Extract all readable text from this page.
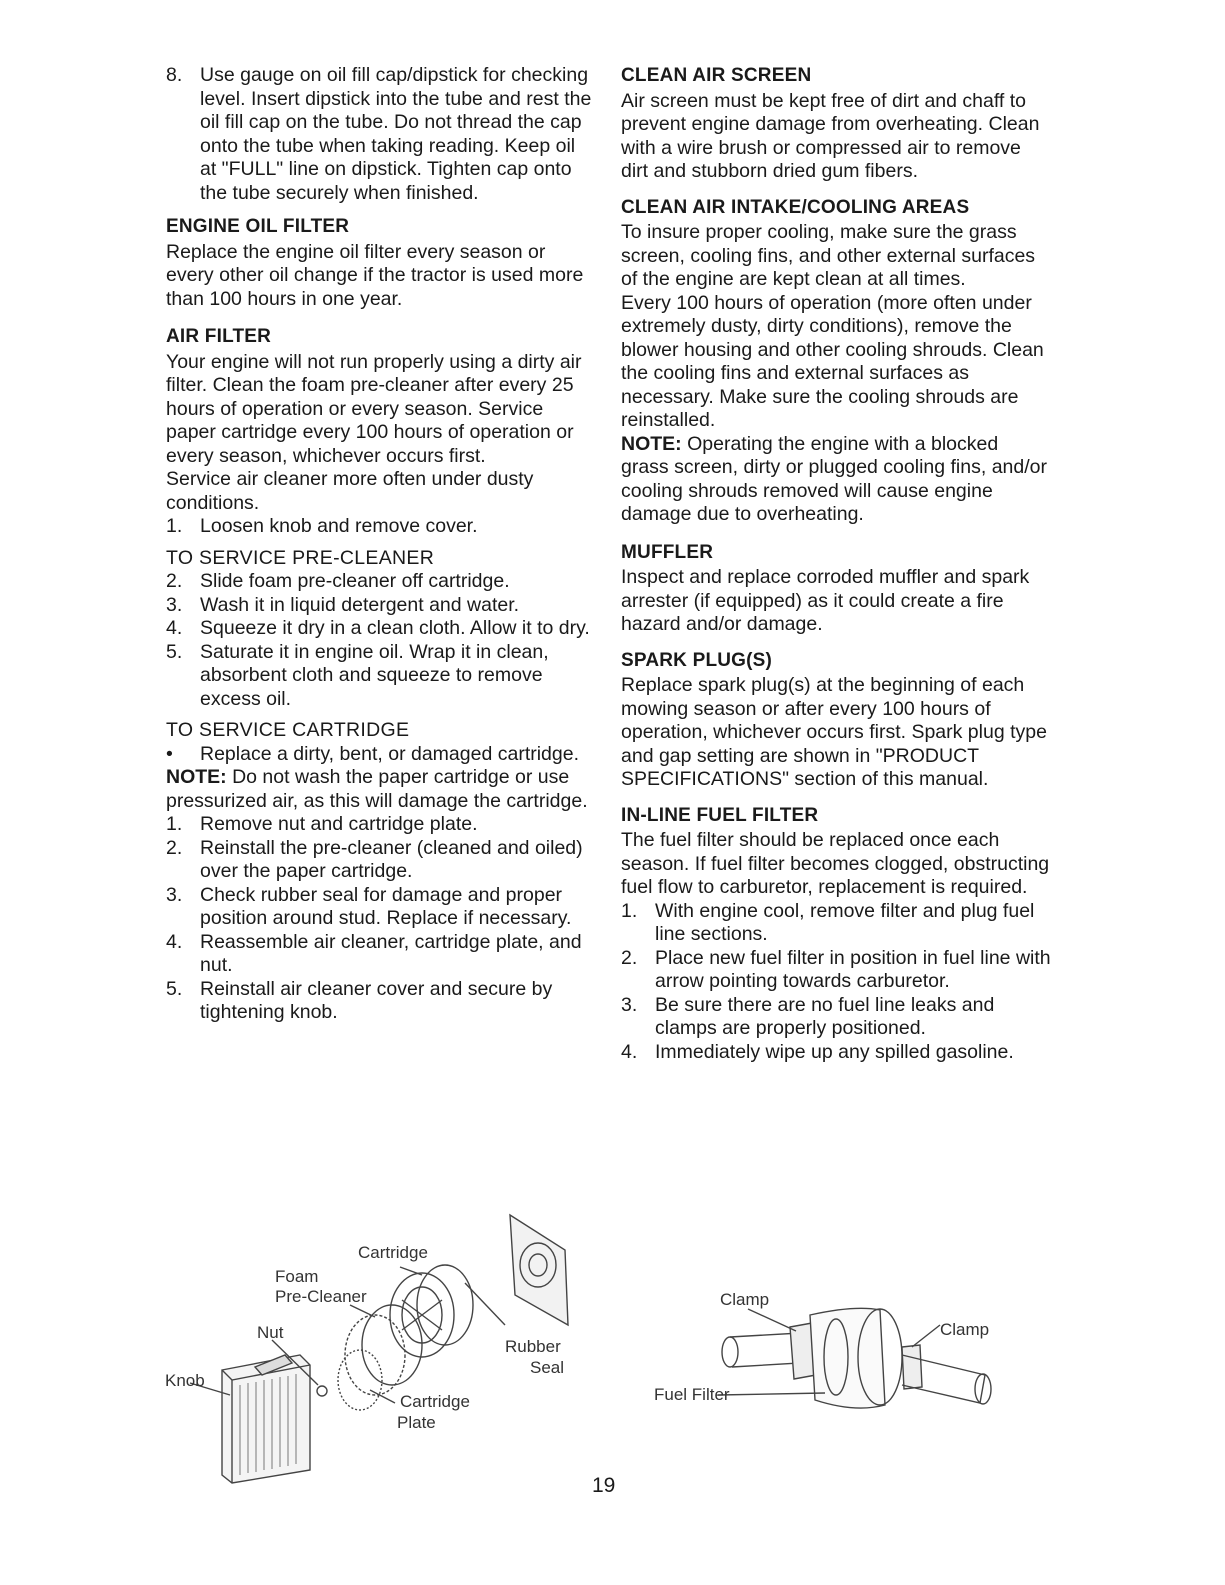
8. Use gauge on oil fill cap/dipstick for checking level. Insert dipstick into the tube and rest the oil fill cap on the tube. Do not thread the cap onto the tube when taking reading. Keep oil at "FULL" line on dipstick. Tighten cap onto the tube securely when finished.
ENGINE OIL FILTER

Replace the engine oil filter every season or every other oil change if the tractor is used more than 100 hours in one year.

AIR FILTER

Your engine will not run properly using a dirty air filter. Clean the foam pre-cleaner after every 25 hours of operation or every season. Service paper cartridge every 100 hours of operation or every season, whichever occurs first.

Service air cleaner more often under dusty conditions.

1. Loosen knob and remove cover.
TO SERVICE PRE-CLEANER
2. Slide foam pre-cleaner off cartridge.
3. Wash it in liquid detergent and water.
4. Squeeze it dry in a clean cloth. Allow it to dry.
5. Saturate it in engine oil. Wrap it in clean, absorbent cloth and squeeze to remove excess oil.
TO SERVICE CARTRIDGE
•	Replace a dirty, bent, or damaged cartridge.

NOTE: Do not wash the paper cartridge or use pressurized air, as this will damage the cartridge.

1. Remove nut and cartridge plate.
2. Reinstall the pre-cleaner (cleaned and oiled) over the paper cartridge.
3. Check rubber seal for damage and proper position around stud. Replace if necessary.
4. Reassemble air cleaner, cartridge plate, and nut.
5. Reinstall air cleaner cover and secure by tightening knob.
Cartridge
Foam
Pre-Cleaner
Nut
Rubber
Seal
Knob
Cartridge
Plate
CLEAN AIR SCREEN

Air screen must be kept free of dirt and chaff to prevent engine damage from overheating. Clean with a wire brush or compressed air to remove dirt and stubborn dried gum fibers.

CLEAN AIR INTAKE/COOLING AREAS

To insure proper cooling, make sure the grass screen, cooling fins, and other external surfaces of the engine are kept clean at all times.

Every 100 hours of operation (more often under extremely dusty, dirty conditions), remove the blower housing and other cooling shrouds. Clean the cooling fins and external surfaces as necessary. Make sure the cooling shrouds are reinstalled.

NOTE: Operating the engine with a blocked grass screen, dirty or plugged cooling fins, and/or cooling shrouds removed will cause engine damage due to overheating.

MUFFLER

Inspect and replace corroded muffler and spark arrester (if equipped) as it could create a fire hazard and/or damage.

SPARK PLUG(S)

Replace spark plug(s) at the beginning of each mowing season or after every 100 hours of operation, whichever occurs first. Spark plug type and gap setting are shown in "PRODUCT SPECIFICATIONS" section of this manual.

IN-LINE FUEL FILTER

The fuel filter should be replaced once each season. If fuel filter becomes clogged, obstructing fuel flow to carburetor, replacement is required.

1. With engine cool, remove filter and plug fuel line sections.
2. Place new fuel filter in position in fuel line with arrow pointing towards carburetor.
3. Be sure there are no fuel line leaks and clamps are properly positioned.
4. Immediately wipe up any spilled gasoline.
Clamp
Clamp
Fuel Filter
19
